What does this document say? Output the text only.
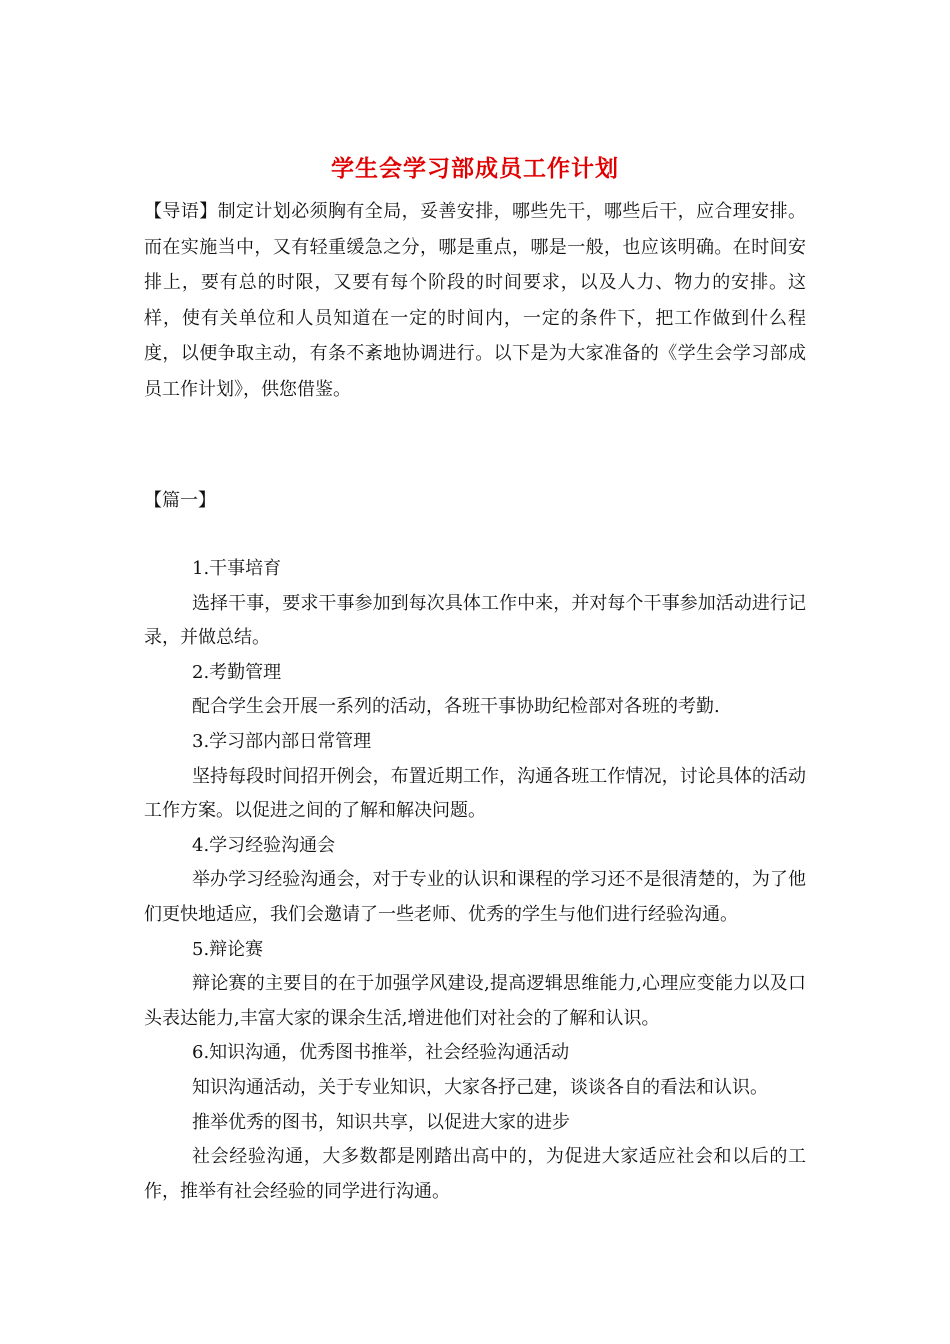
学生会学习部成员工作计划

【导语】制定计划必须胸有全局，妥善安排，哪些先干，哪些后干，应合理安排。而在实施当中，又有轻重缓急之分，哪是重点，哪是一般，也应该明确。在时间安排上，要有总的时限，又要有每个阶段的时间要求，以及人力、物力的安排。这样，使有关单位和人员知道在一定的时间内，一定的条件下，把工作做到什么程度，以便争取主动，有条不紊地协调进行。以下是为大家准备的《学生会学习部成员工作计划》，供您借鉴。

【篇一】

1.干事培育

选择干事，要求干事参加到每次具体工作中来，并对每个干事参加活动进行记录，并做总结。

2.考勤管理

配合学生会开展一系列的活动，各班干事协助纪检部对各班的考勤.

3.学习部内部日常管理

坚持每段时间招开例会，布置近期工作，沟通各班工作情况，讨论具体的活动工作方案。以促进之间的了解和解决问题。

4.学习经验沟通会

举办学习经验沟通会，对于专业的认识和课程的学习还不是很清楚的，为了他们更快地适应，我们会邀请了一些老师、优秀的学生与他们进行经验沟通。

5.辩论赛

辩论赛的主要目的在于加强学风建设,提高逻辑思维能力,心理应变能力以及口头表达能力,丰富大家的课余生活,增进他们对社会的了解和认识。

6.知识沟通，优秀图书推举，社会经验沟通活动

知识沟通活动，关于专业知识，大家各抒己建，谈谈各自的看法和认识。

推举优秀的图书，知识共享，以促进大家的进步

社会经验沟通，大多数都是刚踏出高中的，为促进大家适应社会和以后的工作，推举有社会经验的同学进行沟通。
